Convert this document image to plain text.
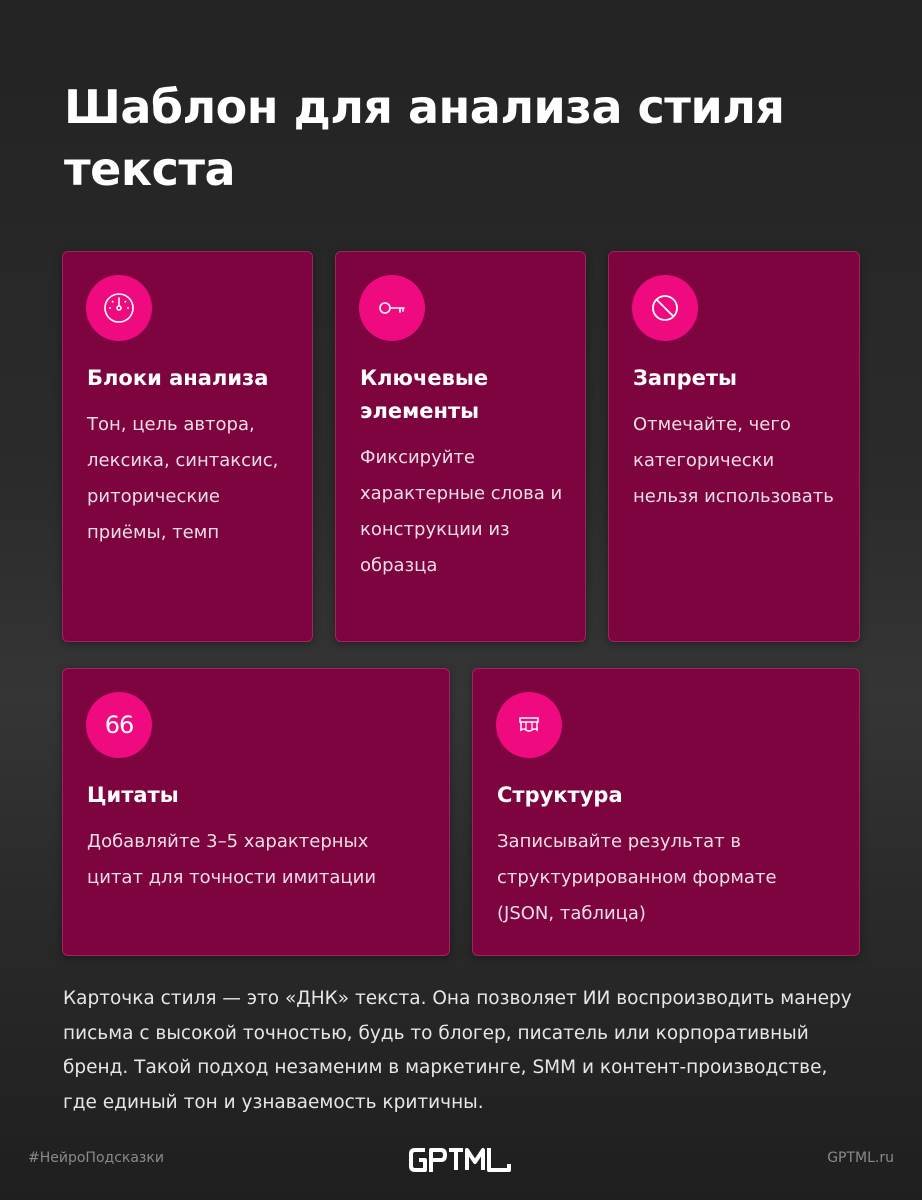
Шаблон для анализа стиля текста
Блоки анализа
Тон, цель автора, лексика, синтаксис, риторические приёмы, темп
Ключевые элементы
Фиксируйте характерные слова и конструкции из образца
Запреты
Отмечайте, чего категорически нельзя использовать
66
Цитаты
Добавляйте 3–5 характерных цитат для точности имитации
Структура
Записывайте результат в структурированном формате (JSON, таблица)
Карточка стиля — это «ДНК» текста. Она позволяет ИИ воспроизводить манеру письма с высокой точностью, будь то блогер, писатель или корпоративный бренд. Такой подход незаменим в маркетинге, SMM и контент-производстве, где единый тон и узнаваемость критичны.
#НейроПодсказки	GPTML.ru
